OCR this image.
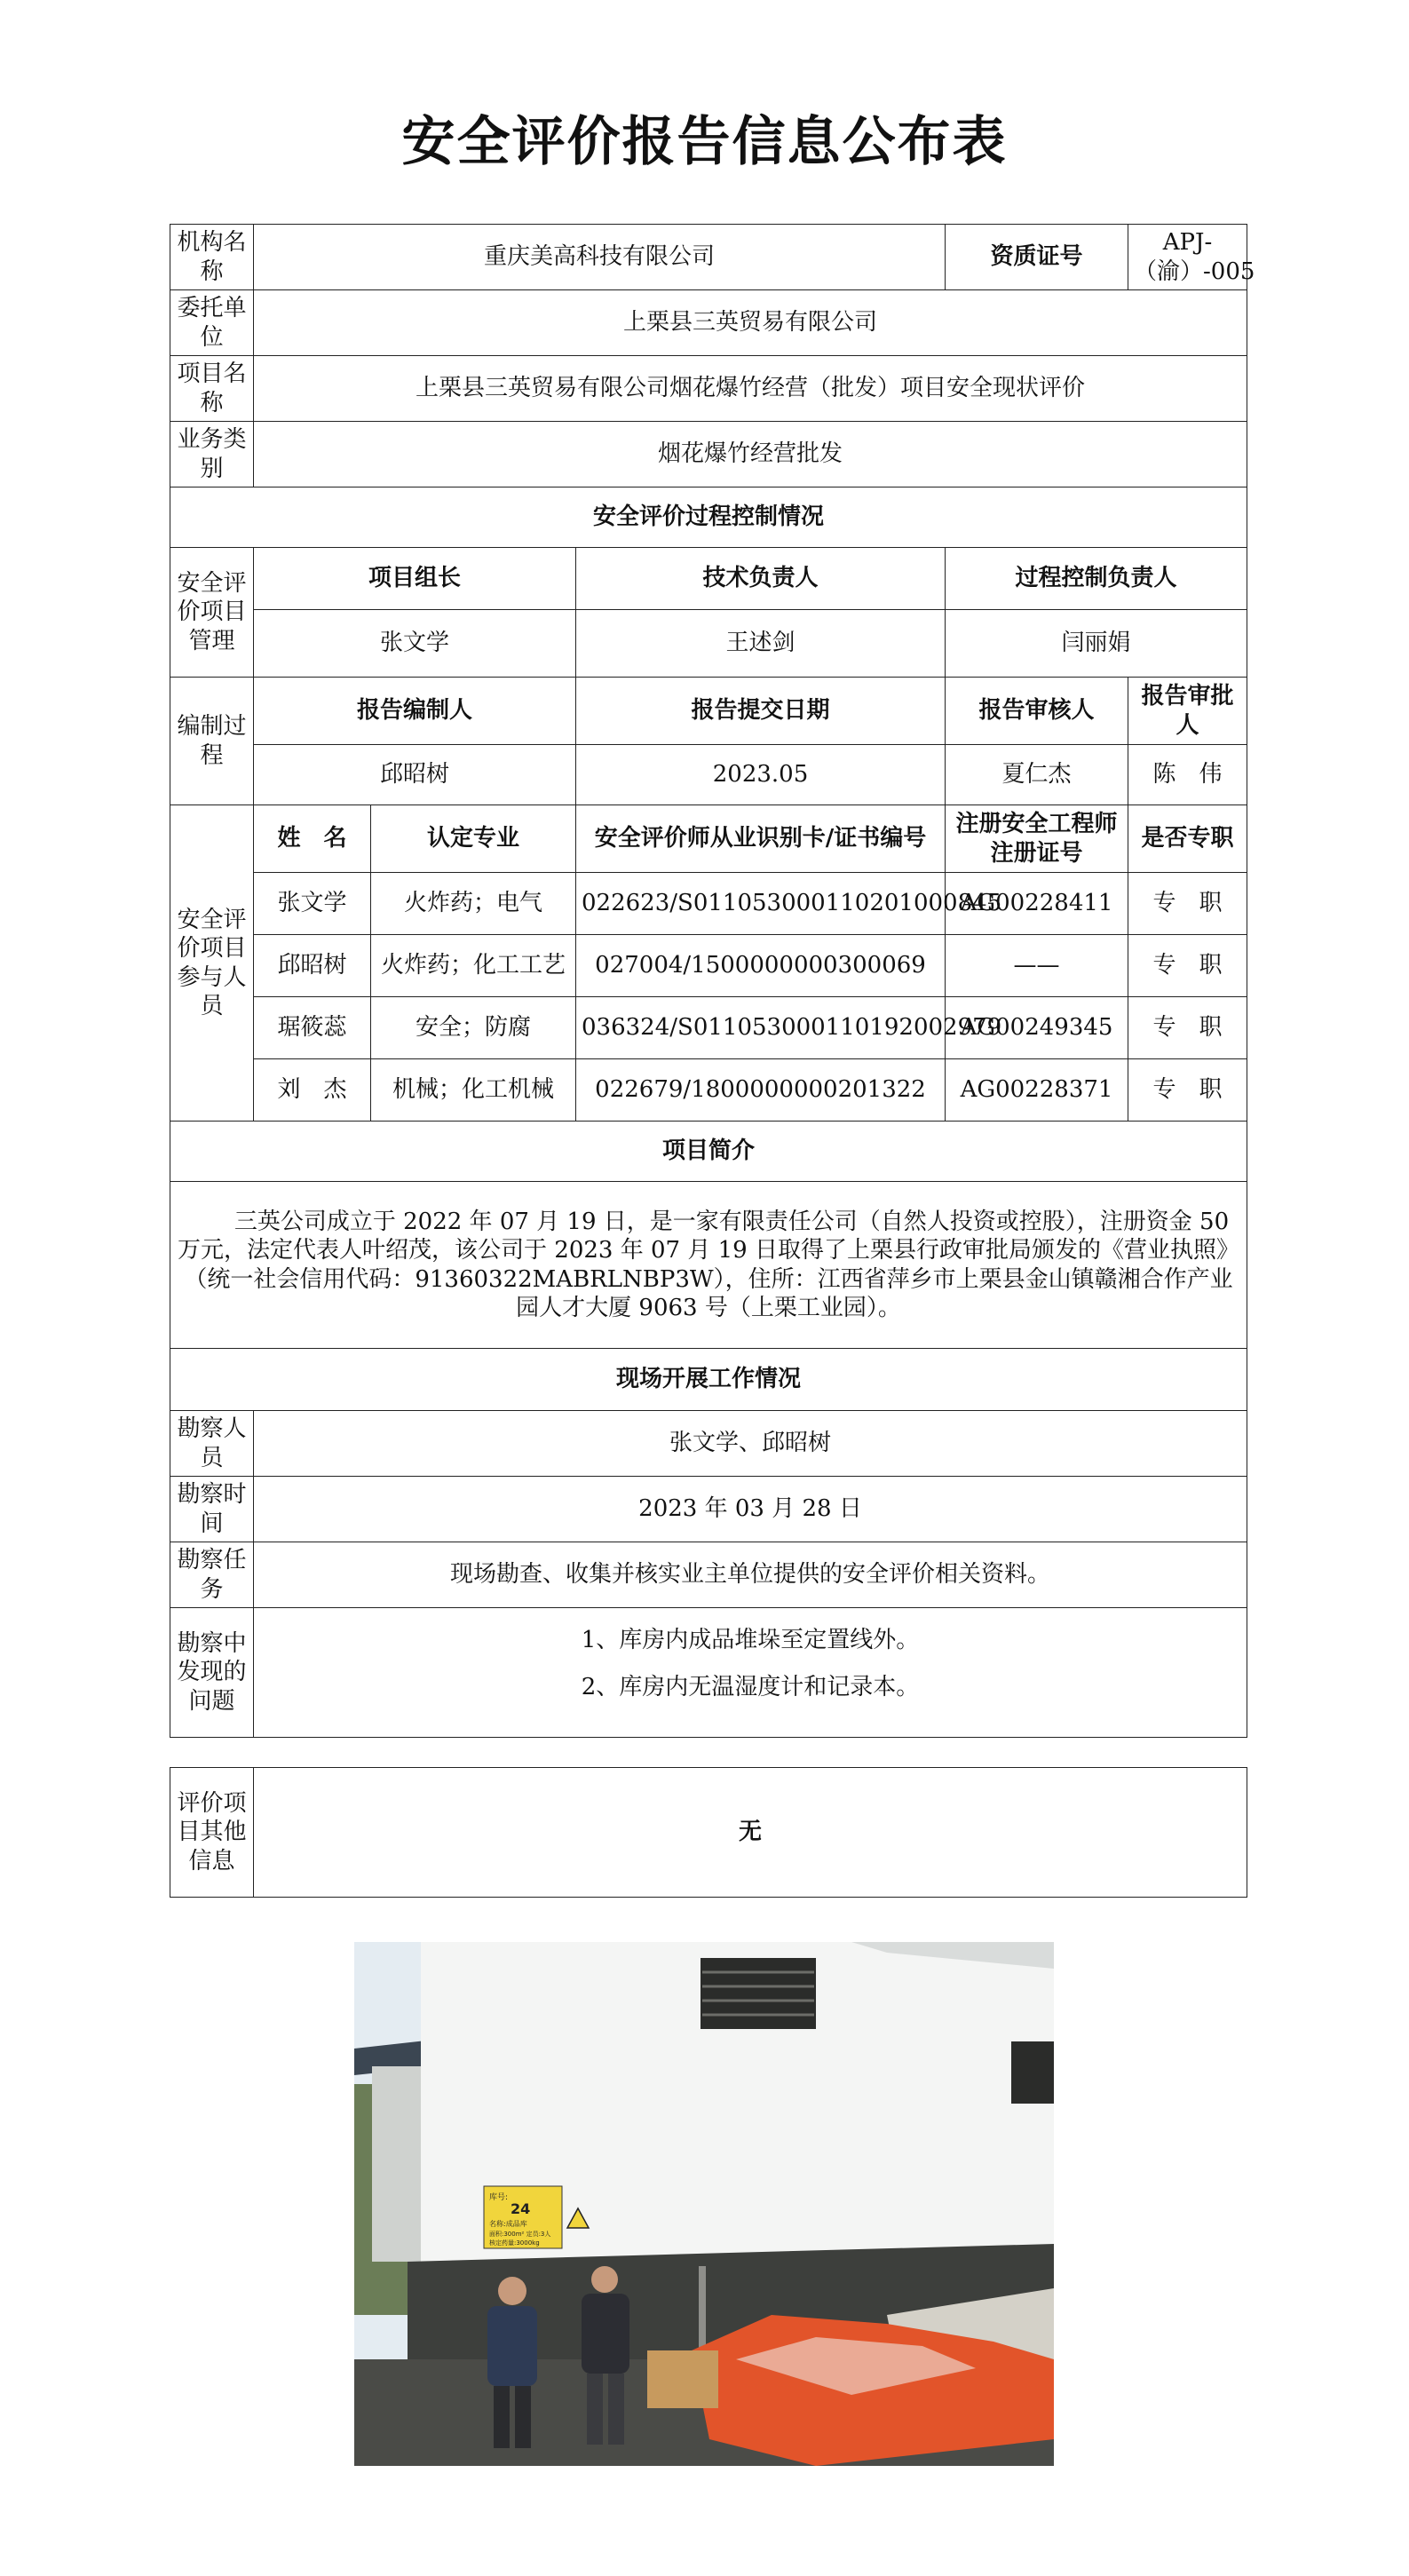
安全评价报告信息公布表
机构名称	重庆美高科技有限公司			资质证号	APJ-（渝）-005
委托单位	上栗县三英贸易有限公司				
项目名称	上栗县三英贸易有限公司烟花爆竹经营（批发）项目安全现状评价				
业务类别	烟花爆竹经营批发				
安全评价过程控制情况					
安全评价项目管理	项目组长		技术负责人	过程控制负责人	
	张文学		王述剑	闫丽娟	
编制过程	报告编制人		报告提交日期	报告审核人	报告审批人
	邱昭树		2023.05	夏仁杰	陈　伟
安全评价项目参与人员	姓　名	认定专业	安全评价师从业识别卡/证书编号	注册安全工程师注册证号	是否专职
	张文学	火炸药；电气	022623/S011053000110201000845	AG00228411	专　职
	邱昭树	火炸药；化工工艺	027004/1500000000300069	——	专　职
	琚筱蕊	安全；防腐	036324/S011053000110192002979	AG00249345	专　职
	刘　杰	机械；化工机械	022679/1800000000201322	AG00228371	专　职
项目简介					
三英公司成立于 2022 年 07 月 19 日，是一家有限责任公司（自然人投资或控股），注册资金 50 万元，法定代表人叶绍茂，该公司于 2023 年 07 月 19 日取得了上栗县行政审批局颁发的《营业执照》（统一社会信用代码：91360322MABRLNBP3W），住所：江西省萍乡市上栗县金山镇赣湘合作产业园人才大厦 9063 号（上栗工业园）。					
现场开展工作情况					
勘察人员	张文学、邱昭树				
勘察时间	2023 年 03 月 28 日				
勘察任务	现场勘查、收集并核实业主单位提供的安全评价相关资料。				
勘察中发现的问题	1、库房内成品堆垛至定置线外。
2、库房内无温湿度计和记录本。				
评价项目其他信息	无
库号:
24
名称:成品库
面积:300m² 定员:3人
核定药量:3000kg
